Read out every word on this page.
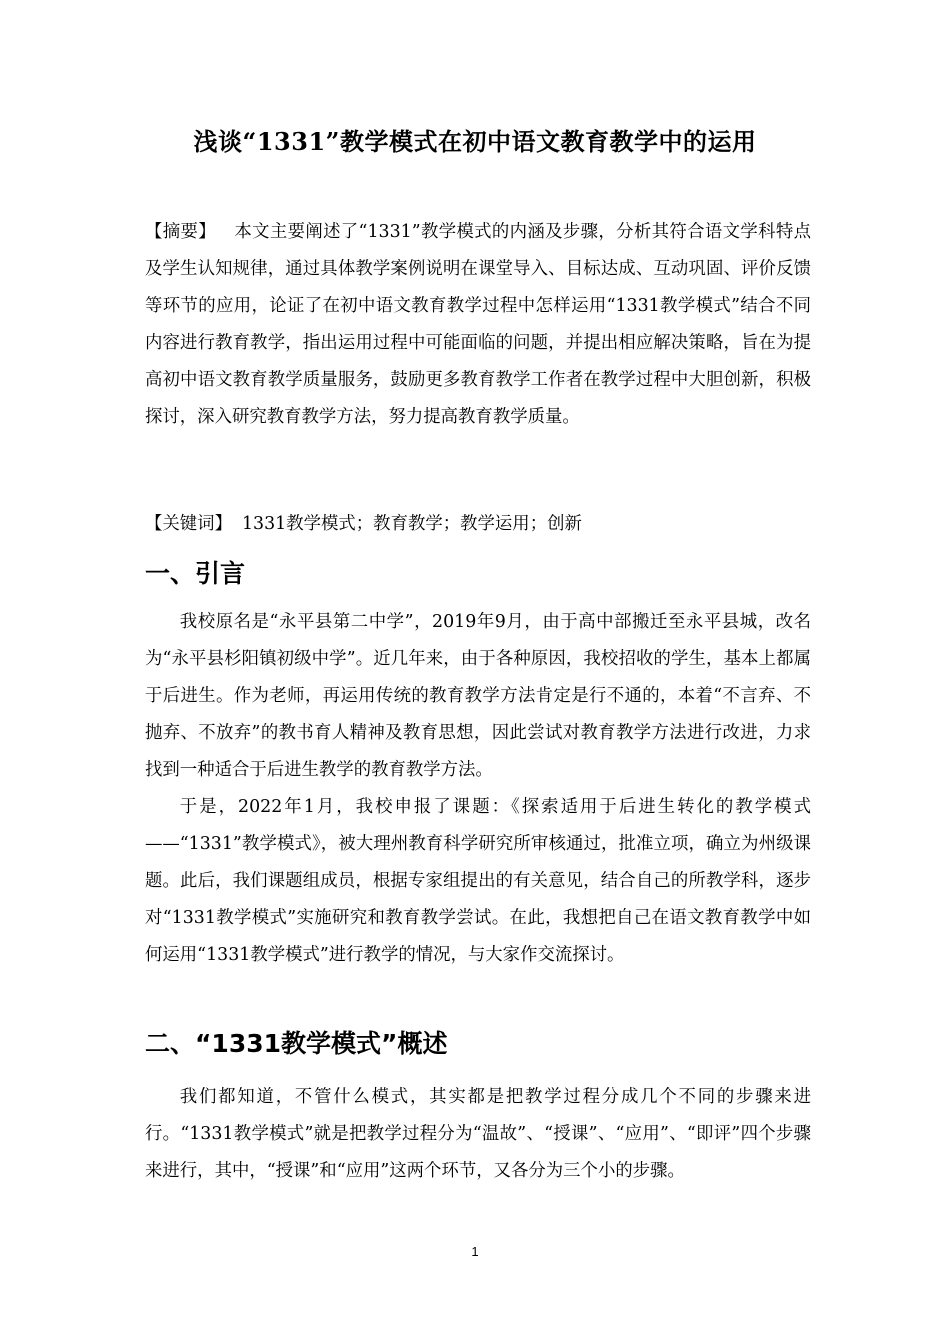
浅谈“1331”教学模式在初中语文教育教学中的运用
【摘要】 本文主要阐述了“1331”教学模式的内涵及步骤，分析其符合语文学科特点及学生认知规律，通过具体教学案例说明在课堂导入、目标达成、互动巩固、评价反馈等环节的应用，论证了在初中语文教育教学过程中怎样运用“1331教学模式”结合不同内容进行教育教学，指出运用过程中可能面临的问题，并提出相应解决策略，旨在为提高初中语文教育教学质量服务，鼓励更多教育教学工作者在教学过程中大胆创新，积极探讨，深入研究教育教学方法，努力提高教育教学质量。
【关键词】 1331教学模式；教育教学；教学运用；创新
一、引言

我校原名是“永平县第二中学”，2019年9月，由于高中部搬迁至永平县城，改名为“永平县杉阳镇初级中学”。近几年来，由于各种原因，我校招收的学生，基本上都属于后进生。作为老师，再运用传统的教育教学方法肯定是行不通的，本着“不言弃、不抛弃、不放弃”的教书育人精神及教育思想，因此尝试对教育教学方法进行改进，力求找到一种适合于后进生教学的教育教学方法。

于是，2022年1月，我校申报了课题：《探索适用于后进生转化的教学模式——“1331”教学模式》，被大理州教育科学研究所审核通过，批准立项，确立为州级课题。此后，我们课题组成员，根据专家组提出的有关意见，结合自己的所教学科，逐步对“1331教学模式”实施研究和教育教学尝试。在此，我想把自己在语文教育教学中如何运用“1331教学模式”进行教学的情况，与大家作交流探讨。

二、“1331教学模式”概述

我们都知道，不管什么模式，其实都是把教学过程分成几个不同的步骤来进行。“1331教学模式”就是把教学过程分为“温故”、“授课”、“应用”、“即评”四个步骤来进行，其中，“授课”和“应用”这两个环节，又各分为三个小的步骤。

1
